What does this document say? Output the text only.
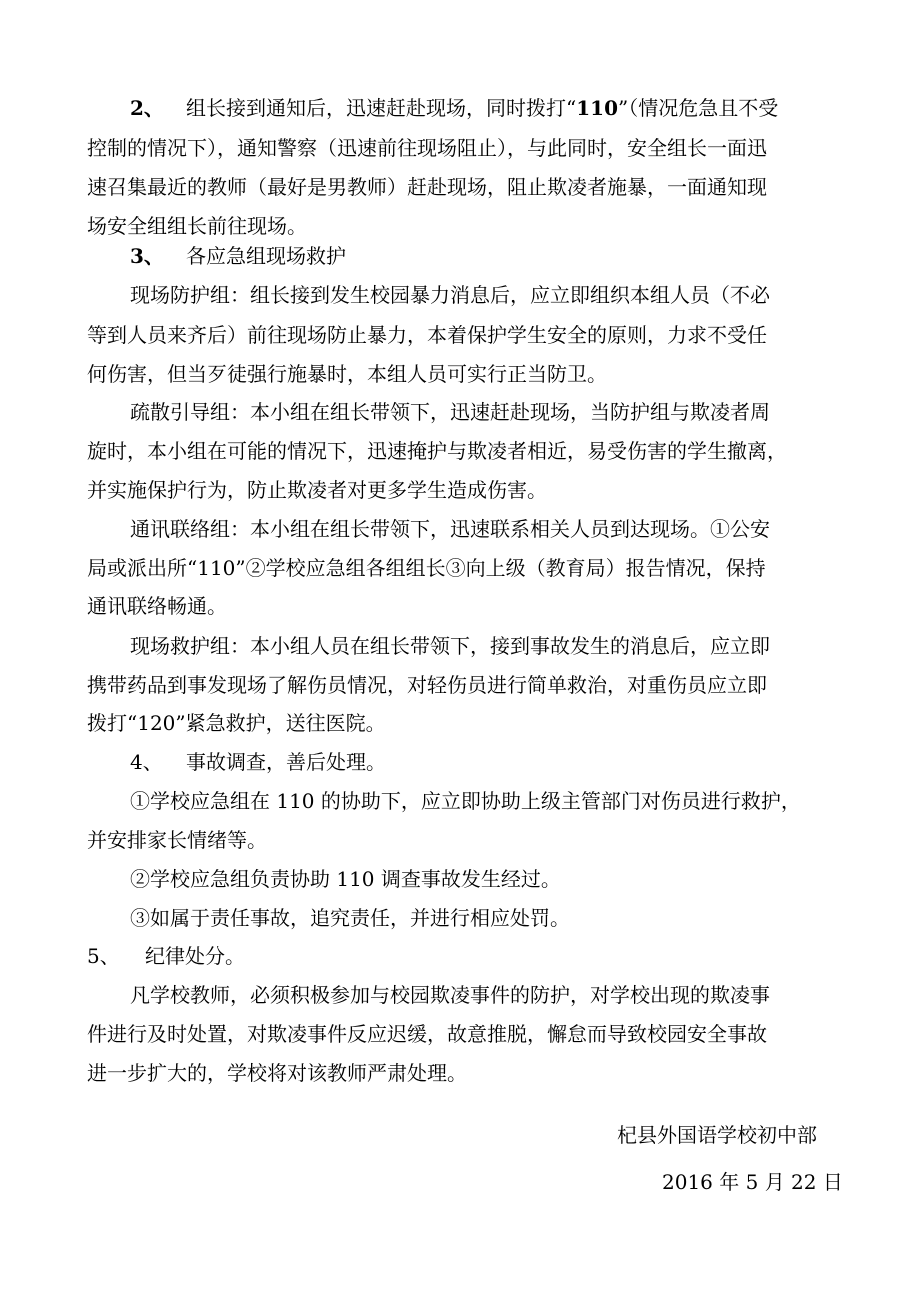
2、 组长接到通知后，迅速赶赴现场，同时拨打“110”（情况危急且不受
控制的情况下），通知警察（迅速前往现场阻止），与此同时，安全组长一面迅
速召集最近的教师（最好是男教师）赶赴现场，阻止欺凌者施暴，一面通知现
场安全组组长前往现场。
3、 各应急组现场救护
现场防护组：组长接到发生校园暴力消息后，应立即组织本组人员（不必
等到人员来齐后）前往现场防止暴力，本着保护学生安全的原则，力求不受任
何伤害，但当歹徒强行施暴时，本组人员可实行正当防卫。
疏散引导组：本小组在组长带领下，迅速赶赴现场，当防护组与欺凌者周
旋时，本小组在可能的情况下，迅速掩护与欺凌者相近，易受伤害的学生撤离，
并实施保护行为，防止欺凌者对更多学生造成伤害。
通讯联络组：本小组在组长带领下，迅速联系相关人员到达现场。①公安
局或派出所“110”②学校应急组各组组长③向上级（教育局）报告情况，保持
通讯联络畅通。
现场救护组：本小组人员在组长带领下，接到事故发生的消息后，应立即
携带药品到事发现场了解伤员情况，对轻伤员进行简单救治，对重伤员应立即
拨打“120”紧急救护，送往医院。
4、 事故调查，善后处理。
①学校应急组在 110 的协助下，应立即协助上级主管部门对伤员进行救护，
并安排家长情绪等。
②学校应急组负责协助 110 调查事故发生经过。
③如属于责任事故，追究责任，并进行相应处罚。
5、 纪律处分。
凡学校教师，必须积极参加与校园欺凌事件的防护，对学校出现的欺凌事
件进行及时处置，对欺凌事件反应迟缓，故意推脱，懈怠而导致校园安全事故
进一步扩大的，学校将对该教师严肃处理。
杞县外国语学校初中部
2016 年 5 月 22 日
